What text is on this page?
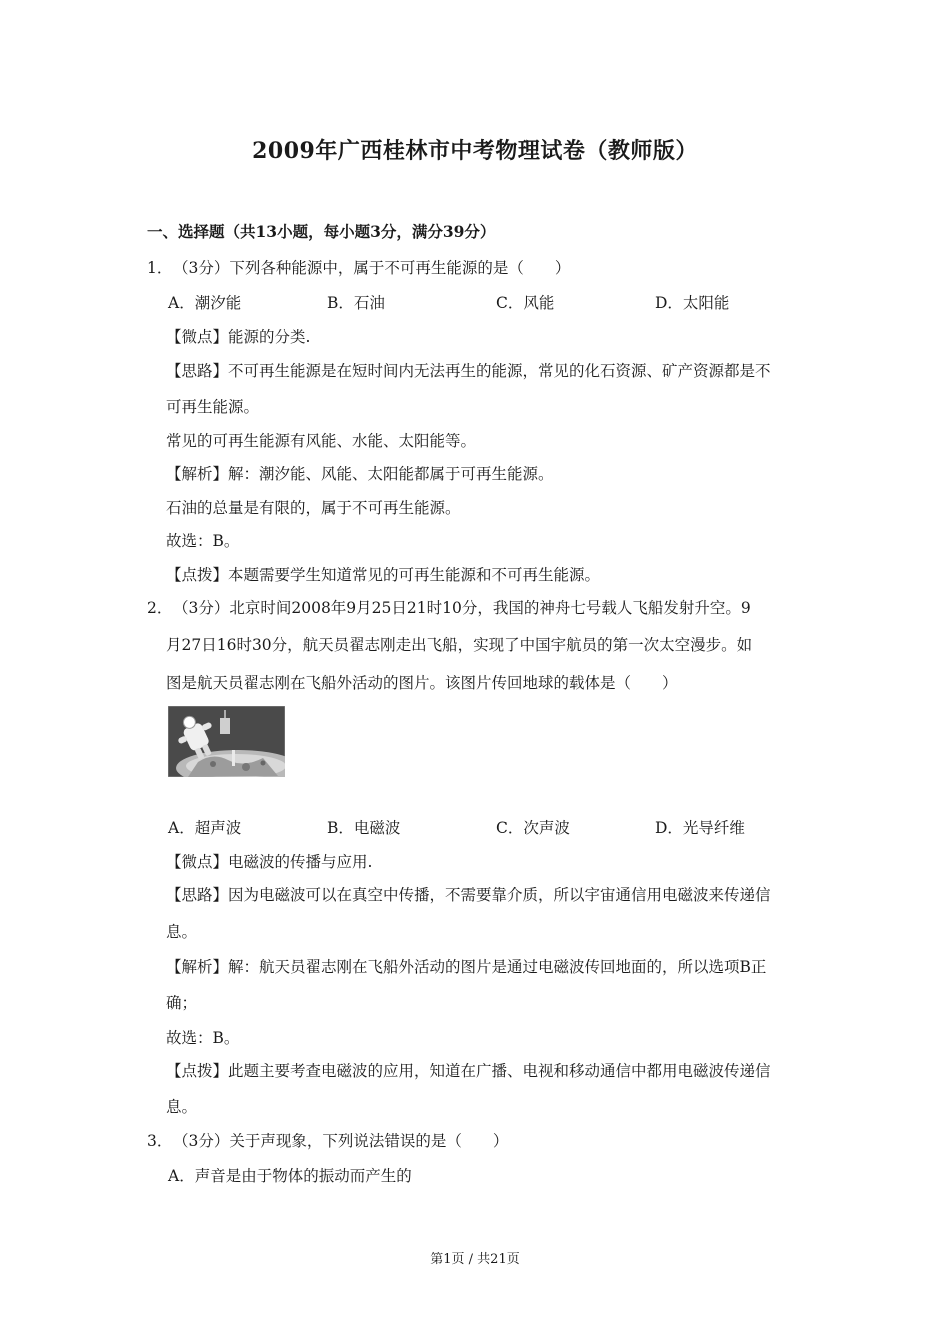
2009年广西桂林市中考物理试卷（教师版）
一、选择题（共13小题，每小题3分，满分39分）
1． （3分）下列各种能源中，属于不可再生能源的是（　　）
A．潮汐能	B．石油	C．风能	D．太阳能
【微点】能源的分类.
【思路】不可再生能源是在短时间内无法再生的能源，常见的化石资源、矿产资源都是不
可再生能源。
常见的可再生能源有风能、水能、太阳能等。
【解析】解：潮汐能、风能、太阳能都属于可再生能源。
石油的总量是有限的，属于不可再生能源。
故选：B。
【点拨】本题需要学生知道常见的可再生能源和不可再生能源。
2． （3分）北京时间2008年9月25日21时10分，我国的神舟七号载人飞船发射升空。9
月27日16时30分，航天员翟志刚走出飞船，实现了中国宇航员的第一次太空漫步。如
图是航天员翟志刚在飞船外活动的图片。该图片传回地球的载体是（　　）
A．超声波	B．电磁波	C．次声波	D．光导纤维
【微点】电磁波的传播与应用.
【思路】因为电磁波可以在真空中传播，不需要靠介质，所以宇宙通信用电磁波来传递信
息。
【解析】解：航天员翟志刚在飞船外活动的图片是通过电磁波传回地面的，所以选项B正
确；
故选：B。
【点拨】此题主要考查电磁波的应用，知道在广播、电视和移动通信中都用电磁波传递信
息。
3． （3分）关于声现象，下列说法错误的是（　　）
A．声音是由于物体的振动而产生的
第1页 / 共21页
